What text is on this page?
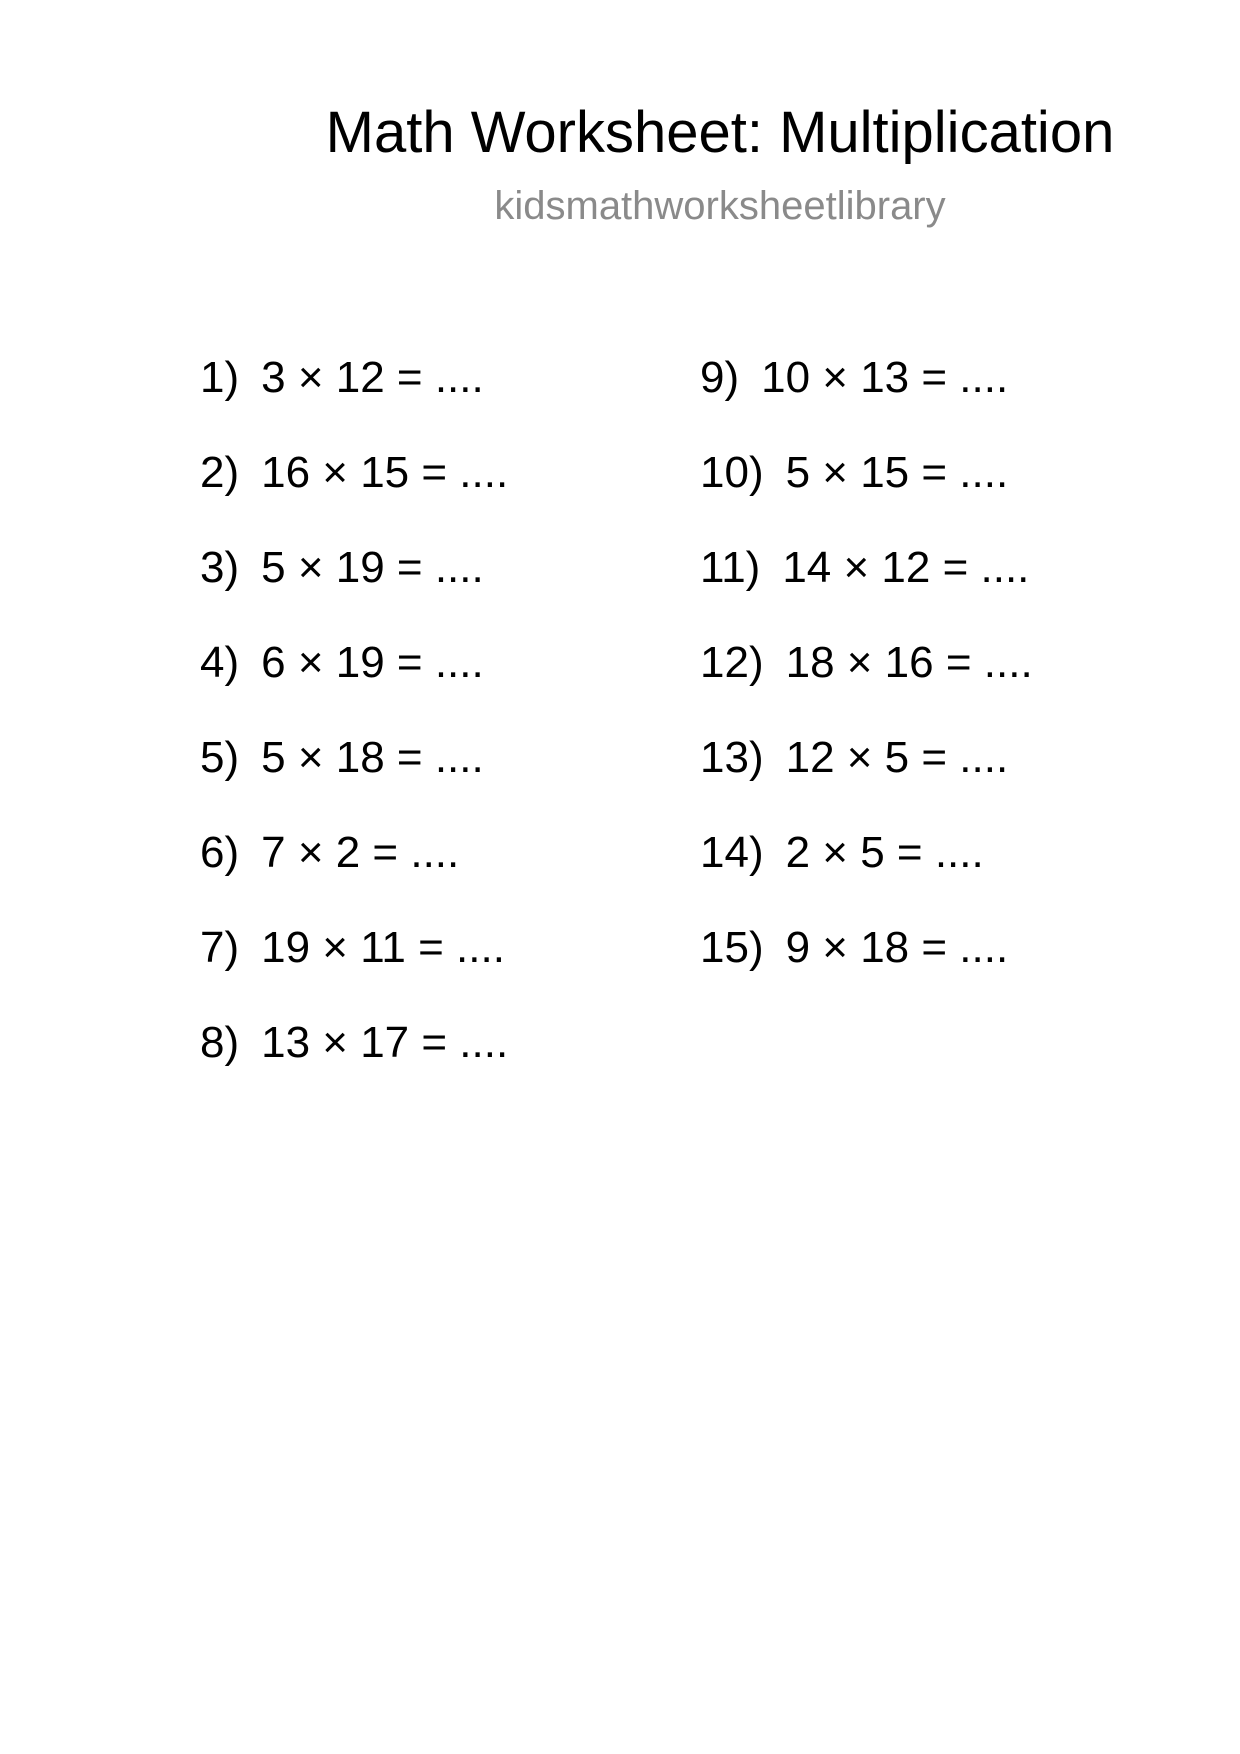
Math Worksheet: Multiplication
kidsmathworksheetlibrary
1) 3 × 12 = ....
2) 16 × 15 = ....
3) 5 × 19 = ....
4) 6 × 19 = ....
5) 5 × 18 = ....
6) 7 × 2 = ....
7) 19 × 11 = ....
8) 13 × 17 = ....
9) 10 × 13 = ....
10) 5 × 15 = ....
11) 14 × 12 = ....
12) 18 × 16 = ....
13) 12 × 5 = ....
14) 2 × 5 = ....
15) 9 × 18 = ....
